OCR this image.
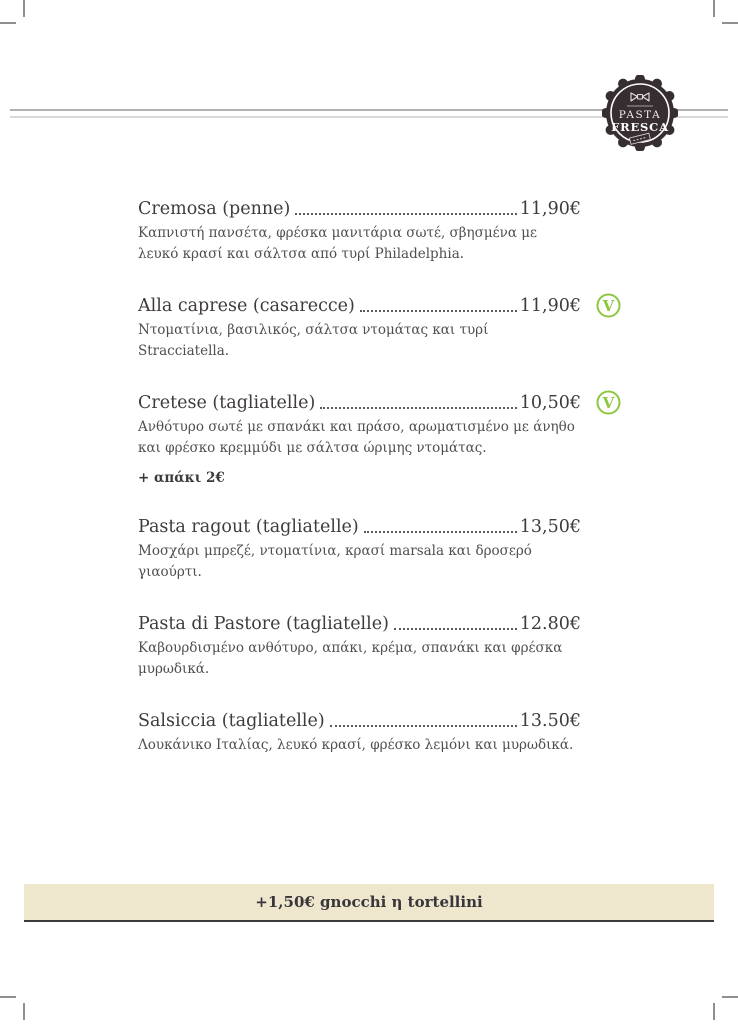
PASTA
FRESCA
Cremosa (penne)	11,90€
Καπνιστή πανσέτα, φρέσκα μανιτάρια σωτέ, σβησμένα με λευκό κρασί και σάλτσα από τυρί Philadelphia.
Alla caprese (casarecce)	11,90€
Ντοματίνια, βασιλικός, σάλτσα ντομάτας και τυρί Stracciatella.
V
Cretese (tagliatelle)	10,50€
Ανθότυρο σωτέ με σπανάκι και πράσο, αρωματισμένο με άνηθο και φρέσκο κρεμμύδι με σάλτσα ώριμης ντομάτας.
+ απάκι 2€
V
Pasta ragout (tagliatelle)	13,50€
Μοσχάρι μπρεζέ, ντοματίνια, κρασί marsala και δροσερό γιαούρτι.
Pasta di Pastore (tagliatelle)	12.80€
Καβουρδισμένο ανθότυρο, απάκι, κρέμα, σπανάκι και φρέσκα μυρωδικά.
Salsiccia (tagliatelle)	13.50€
Λουκάνικο Ιταλίας, λευκό κρασί, φρέσκο λεμόνι και μυρωδικά.
+1,50€ gnocchi η tortellini
